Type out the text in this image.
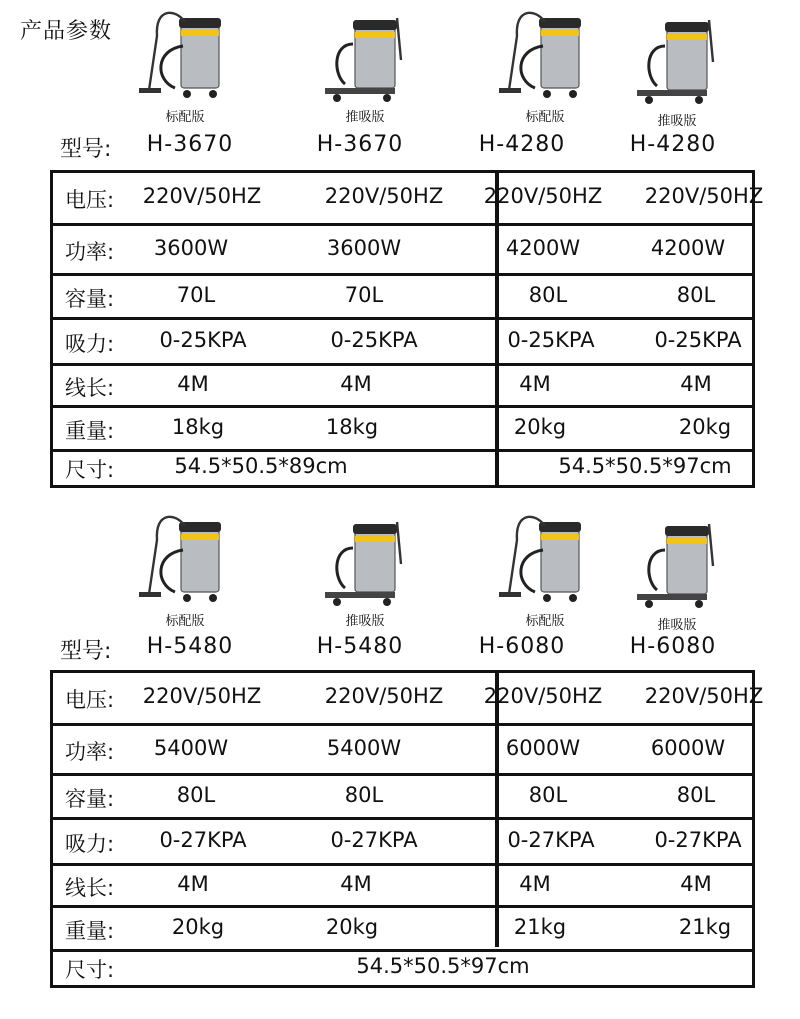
产品参数
标配版	推吸版	标配版	推吸版
型号:	H-3670	H-3670	H-4280	H-4280
电压:	220V/50HZ	220V/50HZ	220V/50HZ	220V/50HZ
功率:	3600W	3600W	4200W	4200W
容量:	70L	70L	80L	80L
吸力:	0-25KPA	0-25KPA	0-25KPA	0-25KPA
线长:	4M	4M	4M	4M
重量:	18kg	18kg	20kg	20kg
尺寸:	54.5*50.5*89cm	54.5*50.5*97cm
标配版	推吸版	标配版	推吸版
型号:	H-5480	H-5480	H-6080	H-6080
电压:	220V/50HZ	220V/50HZ	220V/50HZ	220V/50HZ
功率:	5400W	5400W	6000W	6000W
容量:	80L	80L	80L	80L
吸力:	0-27KPA	0-27KPA	0-27KPA	0-27KPA
线长:	4M	4M	4M	4M
重量:	20kg	20kg	21kg	21kg
尺寸:	54.5*50.5*97cm
